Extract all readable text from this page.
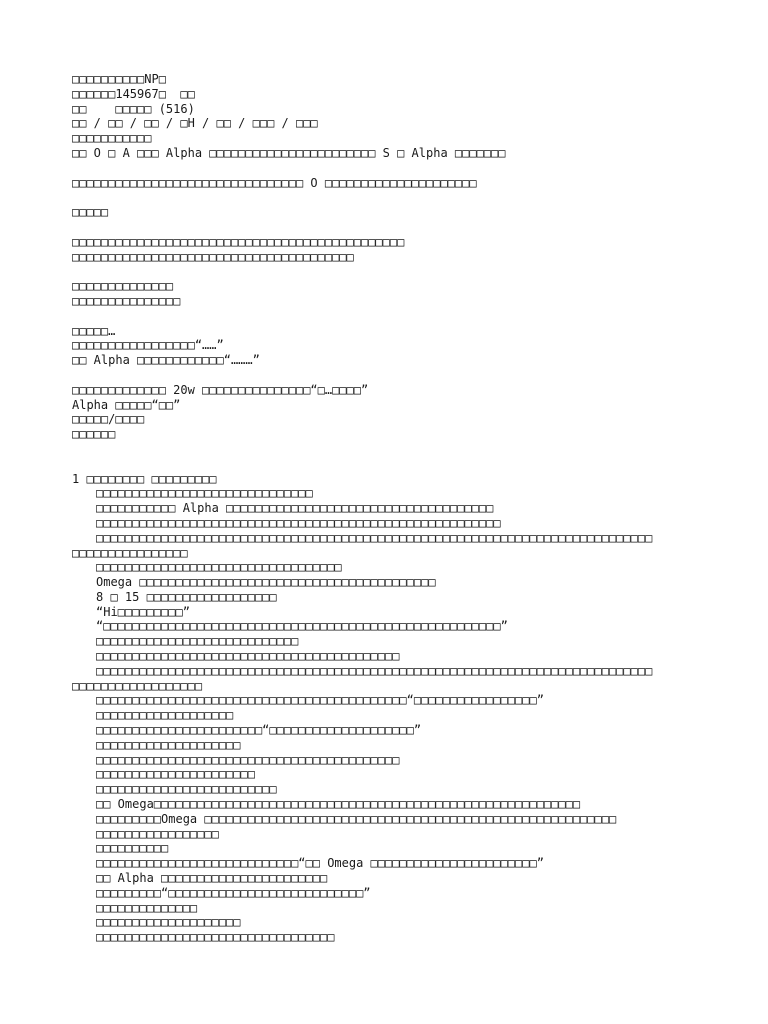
□□□□□□□□□□NP□
□□□□□□145967□  □□
□□    □□□□□ (516)
□□ / □□ / □□ / □H / □□ / □□□ / □□□
□□□□□□□□□□□
□□ O □ A □□□ Alpha □□□□□□□□□□□□□□□□□□□□□□□ S □ Alpha □□□□□□□
□□□□□□□□□□□□□□□□□□□□□□□□□□□□□□□□ O □□□□□□□□□□□□□□□□□□□□□
□□□□□
□□□□□□□□□□□□□□□□□□□□□□□□□□□□□□□□□□□□□□□□□□□□□□
□□□□□□□□□□□□□□□□□□□□□□□□□□□□□□□□□□□□□□□
□□□□□□□□□□□□□□
□□□□□□□□□□□□□□□
□□□□□…
□□□□□□□□□□□□□□□□□“……”
□□ Alpha □□□□□□□□□□□□“………”
□□□□□□□□□□□□□ 20w □□□□□□□□□□□□□□□“□…□□□□”
Alpha □□□□□“□□”
□□□□□/□□□□
□□□□□□
1 □□□□□□□□ □□□□□□□□□
□□□□□□□□□□□□□□□□□□□□□□□□□□□□□□
□□□□□□□□□□□ Alpha □□□□□□□□□□□□□□□□□□□□□□□□□□□□□□□□□□□□□
□□□□□□□□□□□□□□□□□□□□□□□□□□□□□□□□□□□□□□□□□□□□□□□□□□□□□□□□
□□□□□□□□□□□□□□□□□□□□□□□□□□□□□□□□□□□□□□□□□□□□□□□□□□□□□□□□□□□□□□□□□□□□□□□□□□□□□
□□□□□□□□□□□□□□□□
□□□□□□□□□□□□□□□□□□□□□□□□□□□□□□□□□□
Omega □□□□□□□□□□□□□□□□□□□□□□□□□□□□□□□□□□□□□□□□□
8 □ 15 □□□□□□□□□□□□□□□□□□
“Hi□□□□□□□□□”
“□□□□□□□□□□□□□□□□□□□□□□□□□□□□□□□□□□□□□□□□□□□□□□□□□□□□□□□”
□□□□□□□□□□□□□□□□□□□□□□□□□□□□
□□□□□□□□□□□□□□□□□□□□□□□□□□□□□□□□□□□□□□□□□□
□□□□□□□□□□□□□□□□□□□□□□□□□□□□□□□□□□□□□□□□□□□□□□□□□□□□□□□□□□□□□□□□□□□□□□□□□□□□□
□□□□□□□□□□□□□□□□□□
□□□□□□□□□□□□□□□□□□□□□□□□□□□□□□□□□□□□□□□□□□□“□□□□□□□□□□□□□□□□□”
□□□□□□□□□□□□□□□□□□□
□□□□□□□□□□□□□□□□□□□□□□□“□□□□□□□□□□□□□□□□□□□□”
□□□□□□□□□□□□□□□□□□□□
□□□□□□□□□□□□□□□□□□□□□□□□□□□□□□□□□□□□□□□□□□
□□□□□□□□□□□□□□□□□□□□□□
□□□□□□□□□□□□□□□□□□□□□□□□□
□□ Omega□□□□□□□□□□□□□□□□□□□□□□□□□□□□□□□□□□□□□□□□□□□□□□□□□□□□□□□□□□□
□□□□□□□□□Omega □□□□□□□□□□□□□□□□□□□□□□□□□□□□□□□□□□□□□□□□□□□□□□□□□□□□□□□□□
□□□□□□□□□□□□□□□□□
□□□□□□□□□□
□□□□□□□□□□□□□□□□□□□□□□□□□□□□“□□ Omega □□□□□□□□□□□□□□□□□□□□□□□”
□□ Alpha □□□□□□□□□□□□□□□□□□□□□□□
□□□□□□□□□“□□□□□□□□□□□□□□□□□□□□□□□□□□□”
□□□□□□□□□□□□□□
□□□□□□□□□□□□□□□□□□□□
□□□□□□□□□□□□□□□□□□□□□□□□□□□□□□□□□
